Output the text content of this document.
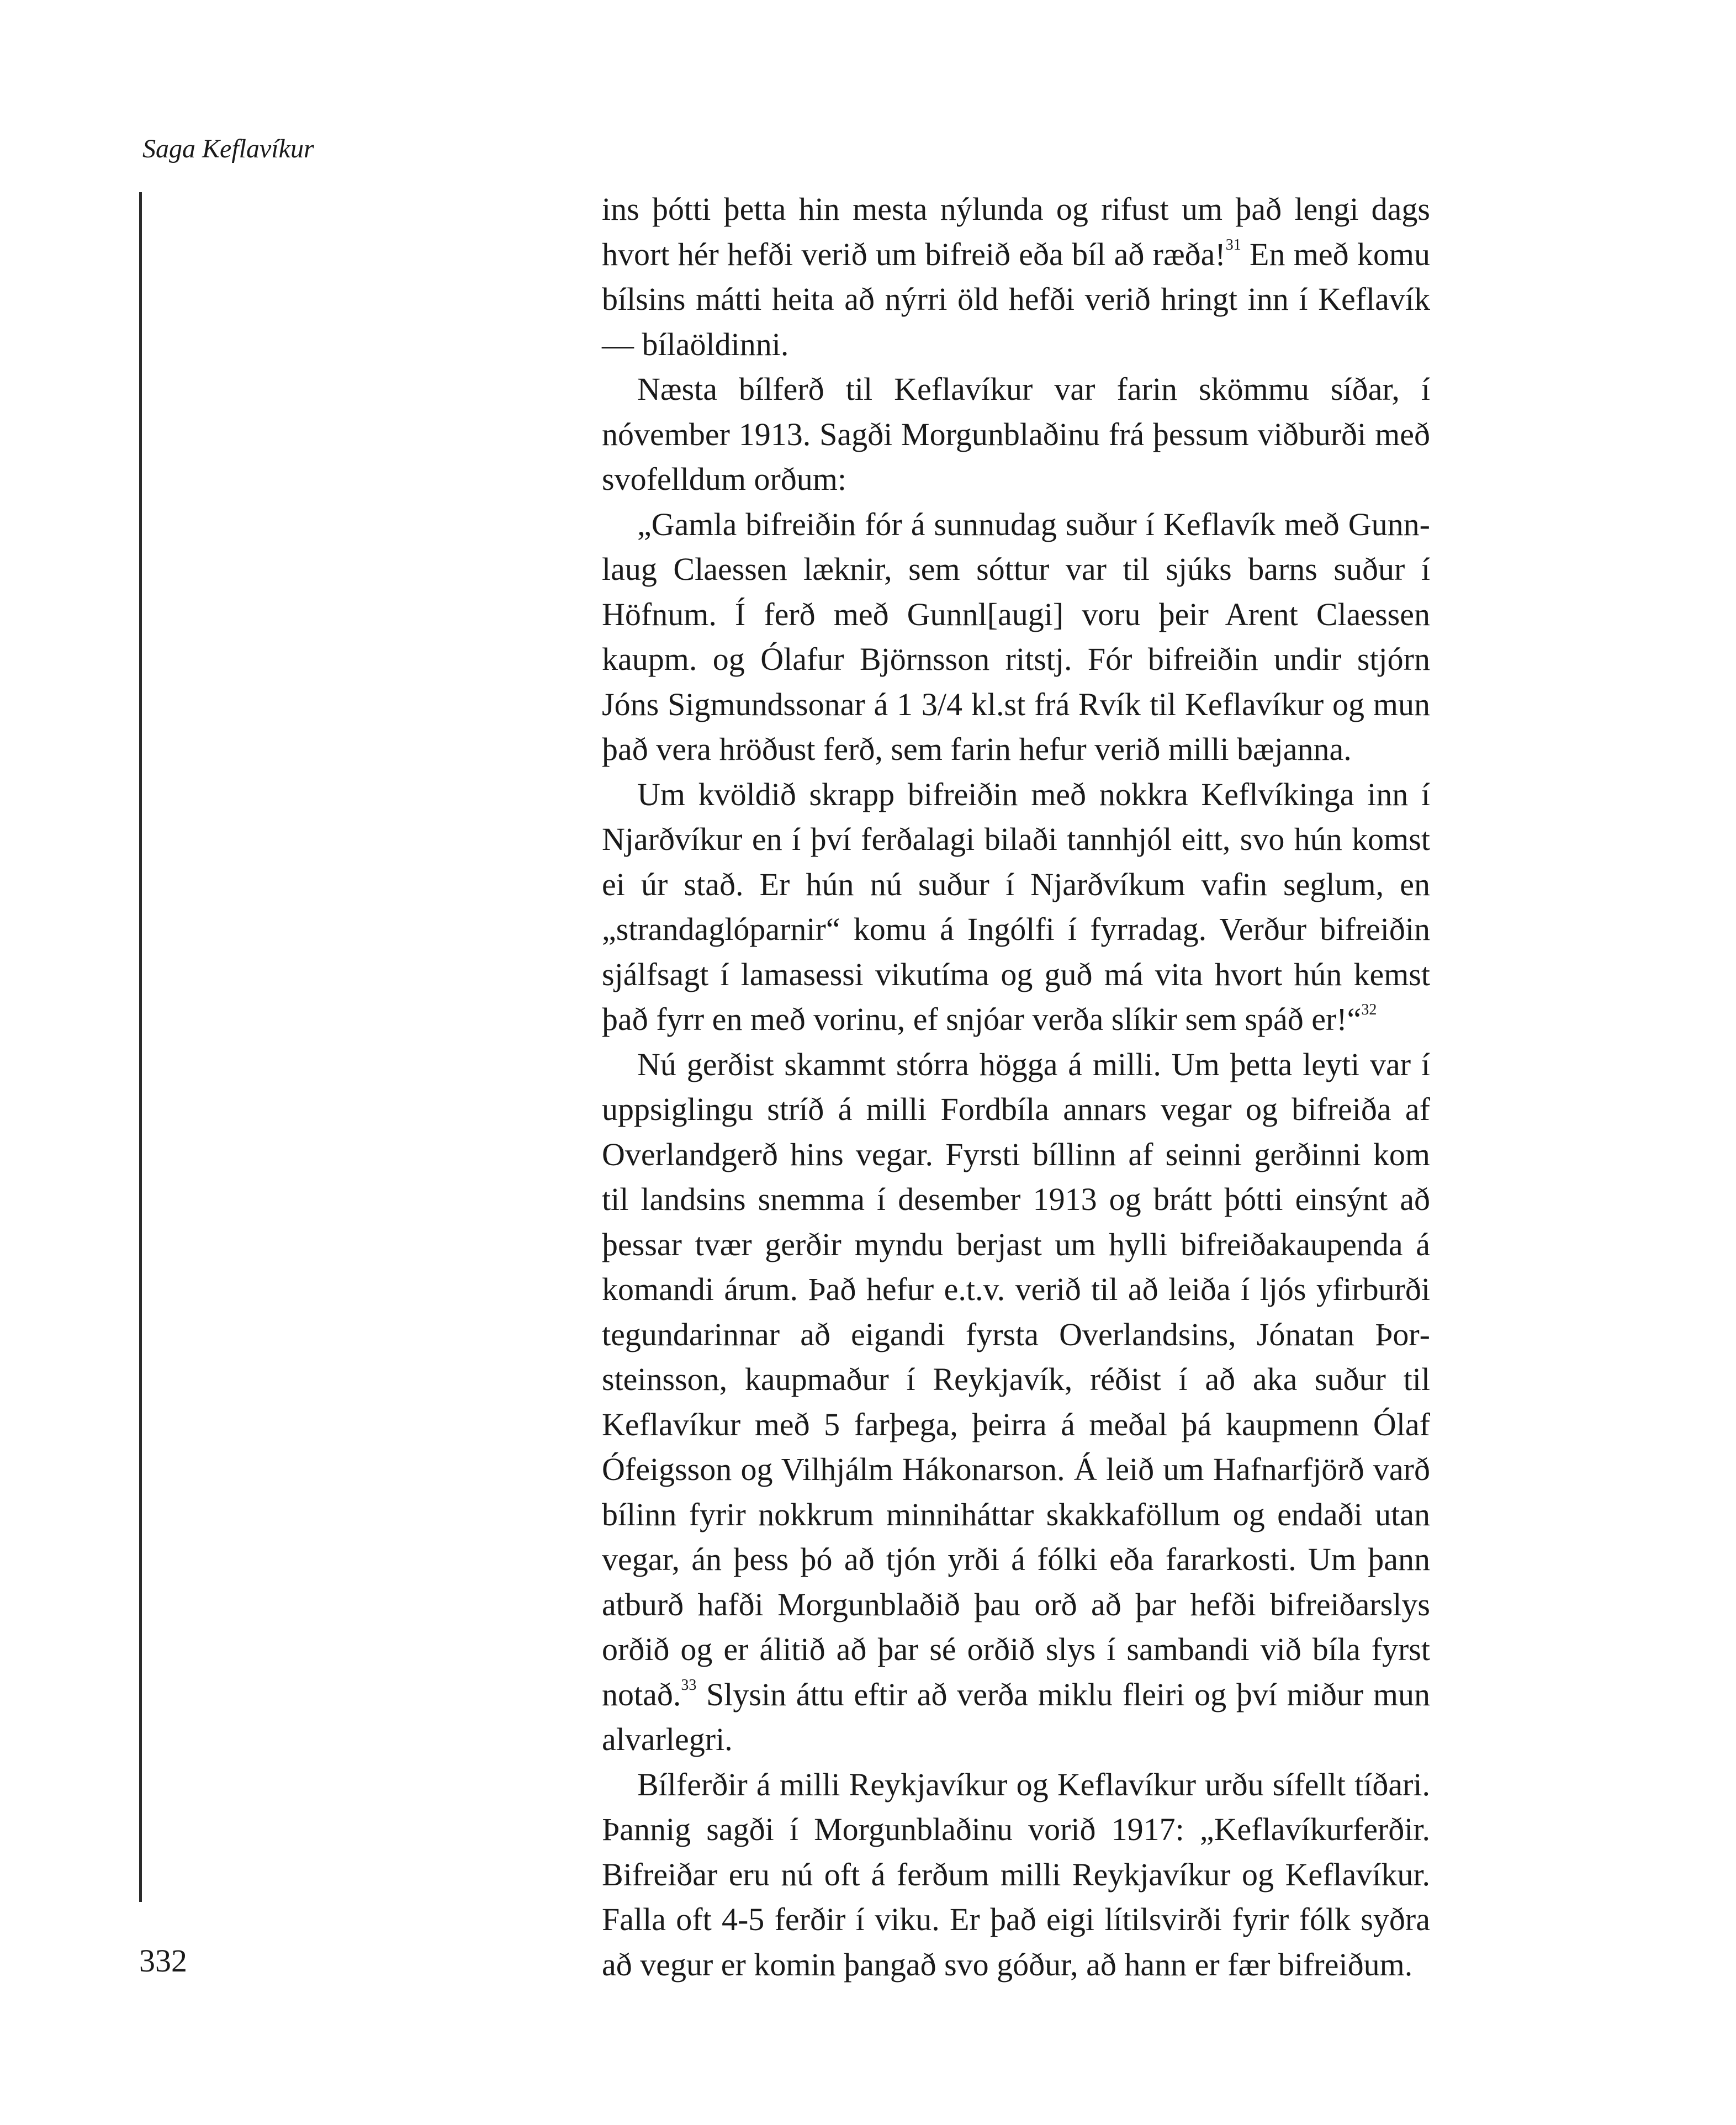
Saga Keflavíkur

ins þótti þetta hin mesta nýlunda og rifust um það lengi dags hvort hér hefði verið um bifreið eða bíl að ræða!$^{31}$ En með komu bílsins mátti heita að nýrri öld hefði verið hringt inn í Keflavík — bílaöldinni.

Næsta bílferð til Keflavíkur var farin skömmu síðar, í nóvember 1913. Sagði Morgunblaðinu frá þessum viðburði með svofelldum orðum:

„Gamla bifreiðin fór á sunnudag suður í Keflavík með Gunnlaug Claessen læknir, sem sóttur var til sjúks barns suður í Höfnum. Í ferð með Gunnl[augi] voru þeir Arent Claessen kaupm. og Ólafur Björnsson ritstj. Fór bifreiðin undir stjórn Jóns Sigmundssonar á 1 3/4 kl.st frá Rvík til Keflavíkur og mun það vera hröðust ferð, sem farin hefur verið milli bæjanna.

Um kvöldið skrapp bifreiðin með nokkra Keflvíkinga inn í Njarðvíkur en í því ferðalagi bilaði tannhjól eitt, svo hún komst ei úr stað. Er hún nú suður í Njarðvíkum vafin seglum, en „strandaglóparnir“ komu á Ingólfi í fyrradag. Verður bifreiðin sjálfsagt í lamasessi vikutíma og guð má vita hvort hún kemst það fyrr en með vorinu, ef snjóar verða slíkir sem spáð er!“$^{32}$

Nú gerðist skammt stórra högga á milli. Um þetta leyti var í uppsiglingu stríð á milli Fordbíla annars vegar og bifreiða af Overlandgerð hins vegar. Fyrsti bíllinn af seinni gerðinni kom til landsins snemma í desember 1913 og brátt þótti einsýnt að þessar tvær gerðir myndu berjast um hylli bifreiðakaupenda á komandi árum. Það hefur e.t.v. verið til að leiða í ljós yfirburði tegundarinnar að eigandi fyrsta Overlandsins, Jónatan Þorsteinsson, kaupmaður í Reykjavík, réðist í að aka suður til Keflavíkur með 5 farþega, þeirra á meðal þá kaupmenn Ólaf Ófeigsson og Vilhjálm Hákonarson. Á leið um Hafnarfjörð varð bílinn fyrir nokkrum minniháttar skakkaföllum og endaði utan vegar, án þess þó að tjón yrði á fólki eða fararkosti. Um þann atburð hafði Morgunblaðið þau orð að þar hefði bifreiðarslys orðið og er álitið að þar sé orðið slys í sambandi við bíla fyrst notað.$^{33}$ Slysin áttu eftir að verða miklu fleiri og því miður mun alvarlegri.

Bílferðir á milli Reykjavíkur og Keflavíkur urðu sífellt tíðari. Þannig sagði í Morgunblaðinu vorið 1917: „Keflavíkurferðir. Bifreiðar eru nú oft á ferðum milli Reykjavíkur og Keflavíkur. Falla oft 4-5 ferðir í viku. Er það eigi lítilsvirði fyrir fólk syðra að vegur er komin þangað svo góður, að hann er fær bifreiðum.

332
